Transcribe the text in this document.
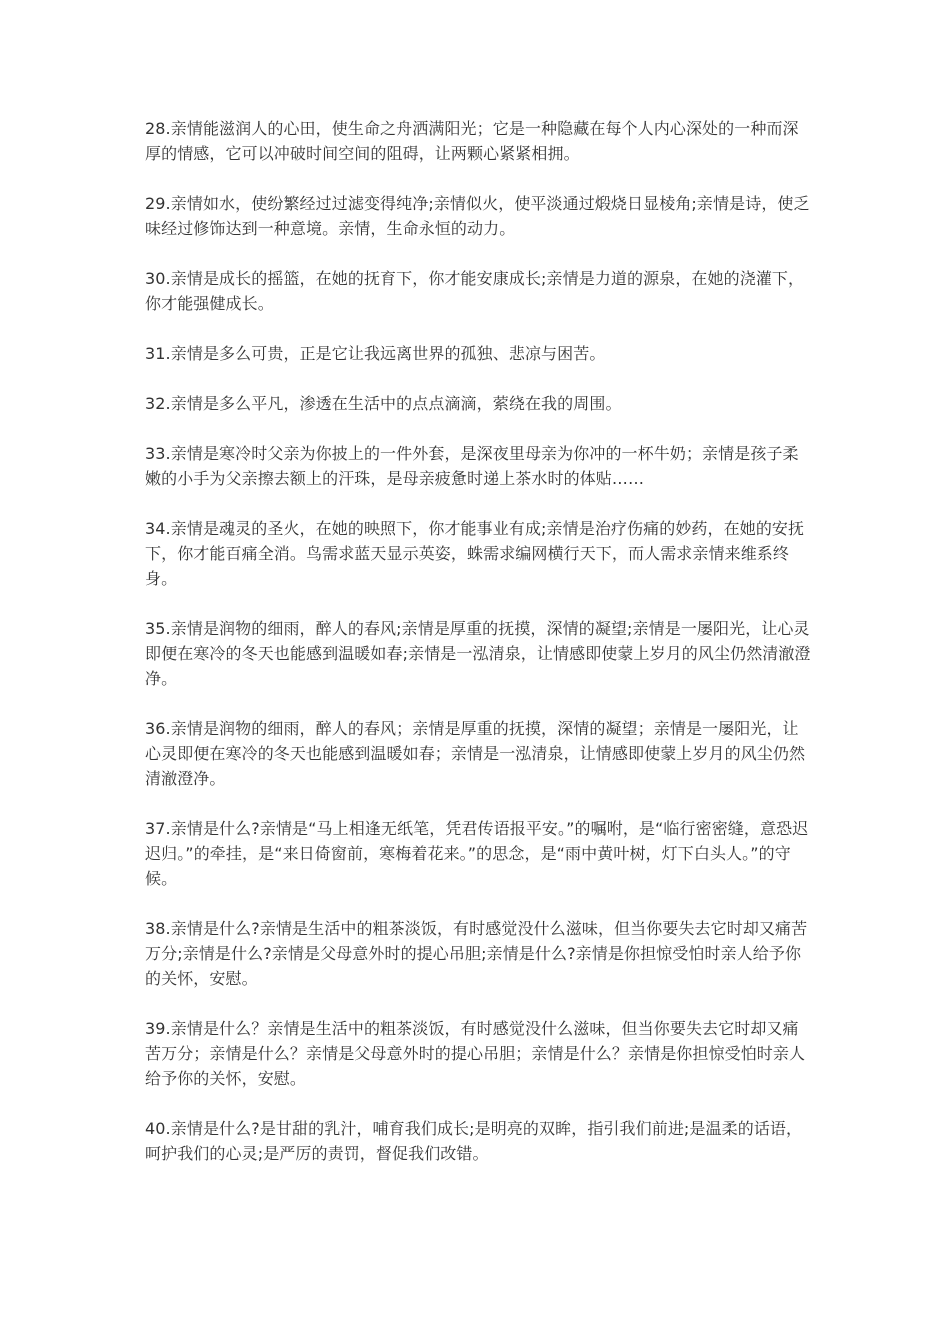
28.亲情能滋润人的心田，使生命之舟洒满阳光；它是一种隐藏在每个人内心深处的一种而深厚的情感，它可以冲破时间空间的阻碍，让两颗心紧紧相拥。

29.亲情如水，使纷繁经过过滤变得纯净;亲情似火，使平淡通过煅烧日显棱角;亲情是诗，使乏味经过修饰达到一种意境。亲情，生命永恒的动力。

30.亲情是成长的摇篮，在她的抚育下，你才能安康成长;亲情是力道的源泉，在她的浇灌下，你才能强健成长。

31.亲情是多么可贵，正是它让我远离世界的孤独、悲凉与困苦。

32.亲情是多么平凡，渗透在生活中的点点滴滴，萦绕在我的周围。

33.亲情是寒冷时父亲为你披上的一件外套，是深夜里母亲为你冲的一杯牛奶；亲情是孩子柔嫩的小手为父亲擦去额上的汗珠，是母亲疲惫时递上茶水时的体贴……

34.亲情是魂灵的圣火，在她的映照下，你才能事业有成;亲情是治疗伤痛的妙药，在她的安抚下，你才能百痛全消。鸟需求蓝天显示英姿，蛛需求编网横行天下，而人需求亲情来维系终身。

35.亲情是润物的细雨，醉人的春风;亲情是厚重的抚摸，深情的凝望;亲情是一屡阳光，让心灵即便在寒冷的冬天也能感到温暖如春;亲情是一泓清泉，让情感即使蒙上岁月的风尘仍然清澈澄净。

36.亲情是润物的细雨，醉人的春风；亲情是厚重的抚摸，深情的凝望；亲情是一屡阳光，让心灵即便在寒冷的冬天也能感到温暖如春；亲情是一泓清泉，让情感即使蒙上岁月的风尘仍然清澈澄净。

37.亲情是什么?亲情是“马上相逢无纸笔，凭君传语报平安。”的嘱咐，是“临行密密缝，意恐迟迟归。”的牵挂，是“来日倚窗前，寒梅着花来。”的思念，是“雨中黄叶树，灯下白头人。”的守候。

38.亲情是什么?亲情是生活中的粗茶淡饭，有时感觉没什么滋味，但当你要失去它时却又痛苦万分;亲情是什么?亲情是父母意外时的提心吊胆;亲情是什么?亲情是你担惊受怕时亲人给予你的关怀，安慰。

39.亲情是什么？亲情是生活中的粗茶淡饭，有时感觉没什么滋味，但当你要失去它时却又痛苦万分；亲情是什么？亲情是父母意外时的提心吊胆；亲情是什么？亲情是你担惊受怕时亲人给予你的关怀，安慰。

40.亲情是什么?是甘甜的乳汁，哺育我们成长;是明亮的双眸，指引我们前进;是温柔的话语，呵护我们的心灵;是严厉的责罚，督促我们改错。
